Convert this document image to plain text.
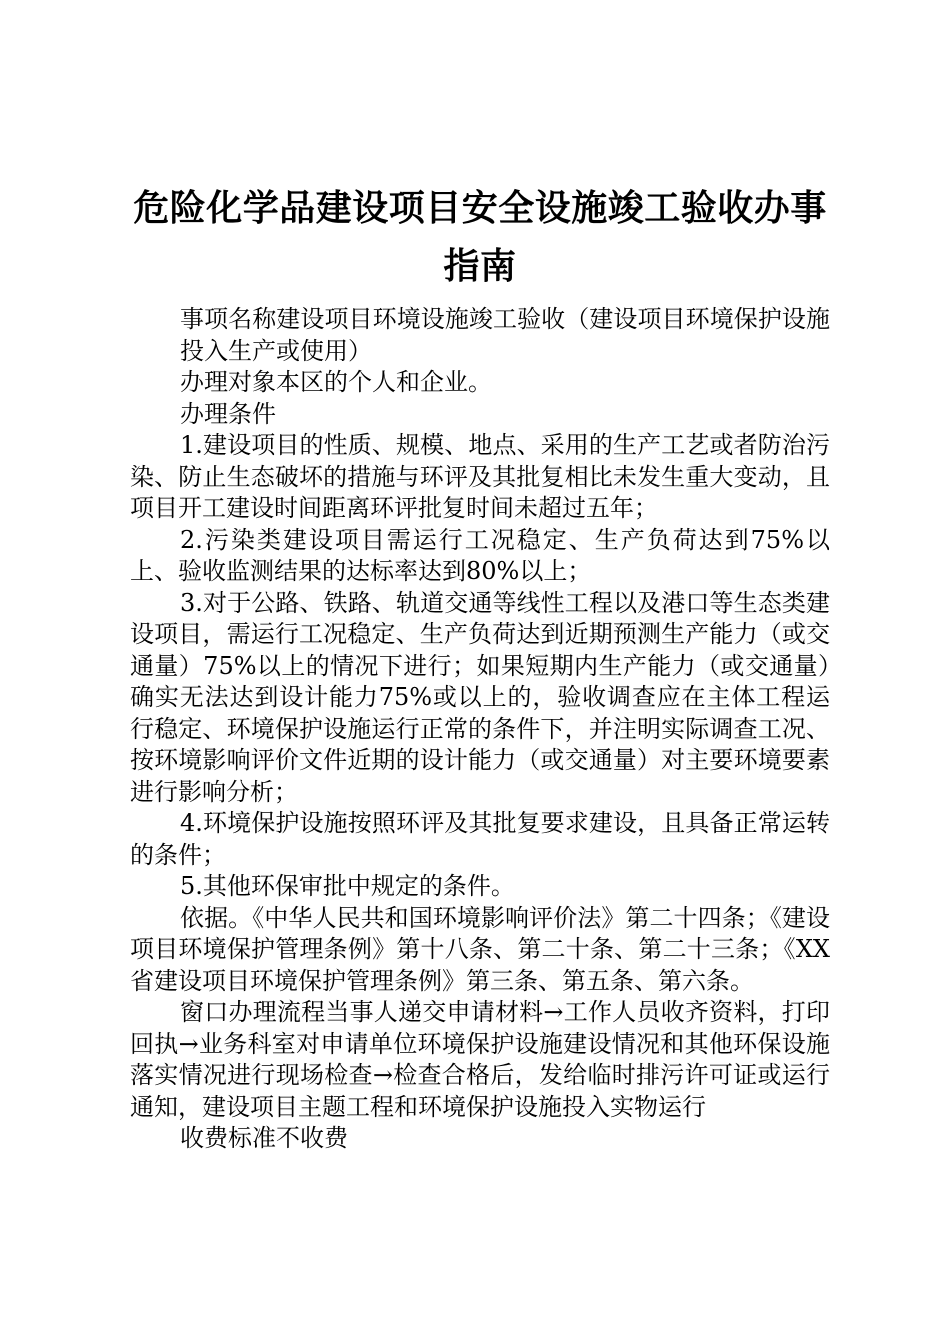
危险化学品建设项目安全设施竣工验收办事指南

事项名称建设项目环境设施竣工验收（建设项目环境保护设施投入生产或使用）

办理对象本区的个人和企业。

办理条件

1.建设项目的性质、规模、地点、采用的生产工艺或者防治污染、防止生态破坏的措施与环评及其批复相比未发生重大变动，且项目开工建设时间距离环评批复时间未超过五年；

2.污染类建设项目需运行工况稳定、生产负荷达到75%以上、验收监测结果的达标率达到80%以上；

3.对于公路、铁路、轨道交通等线性工程以及港口等生态类建设项目，需运行工况稳定、生产负荷达到近期预测生产能力（或交通量）75%以上的情况下进行；如果短期内生产能力（或交通量）确实无法达到设计能力75%或以上的，验收调查应在主体工程运行稳定、环境保护设施运行正常的条件下，并注明实际调查工况、按环境影响评价文件近期的设计能力（或交通量）对主要环境要素进行影响分析；

4.环境保护设施按照环评及其批复要求建设，且具备正常运转的条件；

5.其他环保审批中规定的条件。

依据。《中华人民共和国环境影响评价法》第二十四条；《建设项目环境保护管理条例》第十八条、第二十条、第二十三条；《XX省建设项目环境保护管理条例》第三条、第五条、第六条。

窗口办理流程当事人递交申请材料→工作人员收齐资料，打印回执→业务科室对申请单位环境保护设施建设情况和其他环保设施落实情况进行现场检查→检查合格后，发给临时排污许可证或运行通知，建设项目主题工程和环境保护设施投入实物运行

收费标准不收费
